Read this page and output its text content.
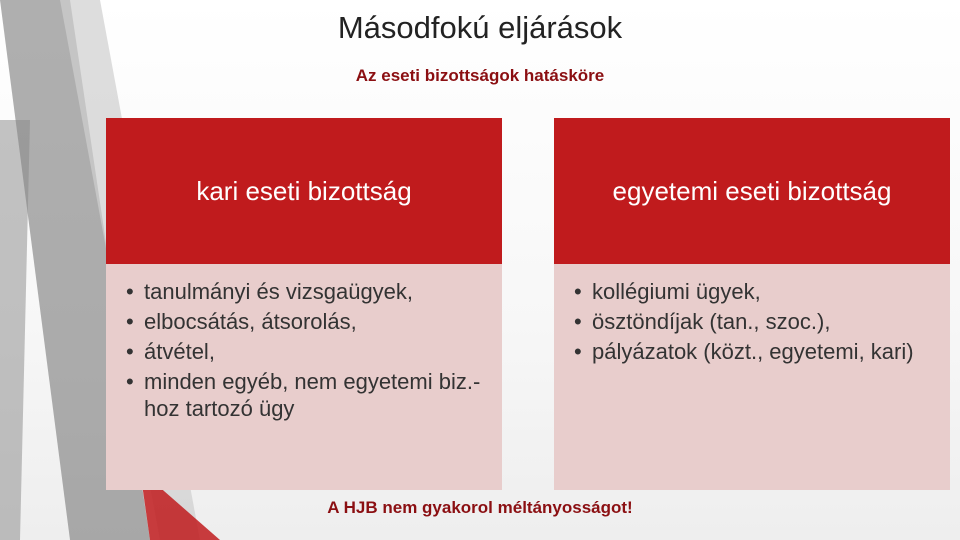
Másodfokú eljárások
Az eseti bizottságok hatásköre
kari eseti bizottság
• tanulmányi és vizsgaügyek,
• elbocsátás, átsorolás,
• átvétel,
• minden egyéb, nem egyetemi biz.-hoz tartozó ügy
egyetemi eseti bizottság
• kollégiumi ügyek,
• ösztöndíjak (tan., szoc.),
• pályázatok (közt., egyetemi, kari)
A HJB nem gyakorol méltányosságot!
